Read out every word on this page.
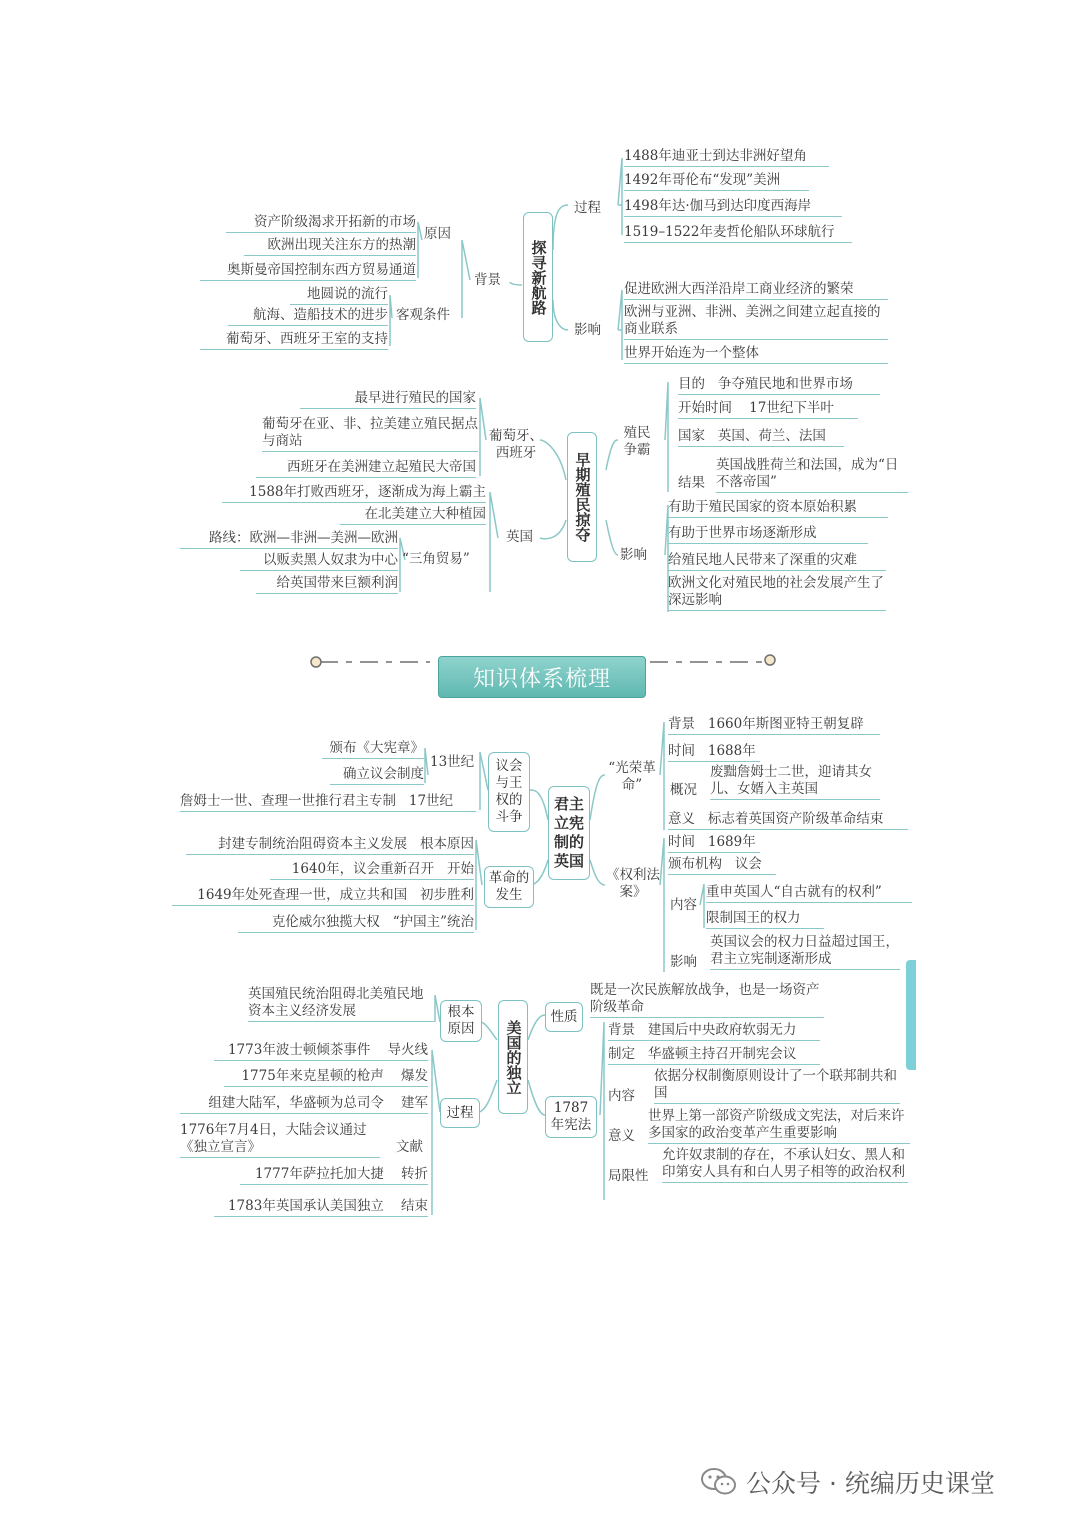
探寻新航路
过程
1488年迪亚士到达非洲好望角
1492年哥伦布“发现”美洲
1498年达·伽马到达印度西海岸
1519–1522年麦哲伦船队环球航行
背景
原因
资产阶级渴求开拓新的市场
欧洲出现关注东方的热潮
奥斯曼帝国控制东西方贸易通道
客观条件
地圆说的流行
航海、造船技术的进步
葡萄牙、西班牙王室的支持
影响
促进欧洲大西洋沿岸工商业经济的繁荣
欧洲与亚洲、非洲、美洲之间建立起直接的商业联系
世界开始连为一个整体
早期殖民掠夺
葡萄牙、西班牙
最早进行殖民的国家
葡萄牙在亚、非、拉美建立殖民据点与商站
西班牙在美洲建立起殖民大帝国
英国
1588年打败西班牙，逐渐成为海上霸主
在北美建立大种植园
“三角贸易”
路线：欧洲—非洲—美洲—欧洲
以贩卖黑人奴隶为中心
给英国带来巨额利润
殖民争霸
目的 争夺殖民地和世界市场
开始时间 17世纪下半叶
国家 英国、荷兰、法国
结果
英国战胜荷兰和法国，成为“日不落帝国”
影响
有助于殖民国家的资本原始积累
有助于世界市场逐渐形成
给殖民地人民带来了深重的灾难
欧洲文化对殖民地的社会发展产生了深远影响
知识体系梳理
君主立宪制的英国
议会与王权的斗争
13世纪
颁布《大宪章》
确立议会制度
詹姆士一世、查理一世推行君主专制 17世纪
革命的发生
封建专制统治阻碍资本主义发展 根本原因
1640年，议会重新召开 开始
1649年处死查理一世，成立共和国 初步胜利
克伦威尔独揽大权 “护国主”统治
“光荣革命”
背景 1660年斯图亚特王朝复辟
时间 1688年
概况
废黜詹姆士二世，迎请其女儿、女婿入主英国
意义 标志着英国资产阶级革命结束
《权利法案》
时间 1689年
颁布机构 议会
内容
重申英国人“自古就有的权利”
限制国王的权力
影响
英国议会的权力日益超过国王，君主立宪制逐渐形成
美国的独立
根本原因
英国殖民统治阻碍北美殖民地资本主义经济发展
过程
1773年波士顿倾茶事件 导火线
1775年来克星顿的枪声 爆发
组建大陆军，华盛顿为总司令 建军
1776年7月4日，大陆会议通过《独立宣言》	文献
1777年萨拉托加大捷 转折
1783年英国承认美国独立 结束
性质
既是一次民族解放战争，也是一场资产阶级革命
1787年宪法
背景 建国后中央政府软弱无力
制定 华盛顿主持召开制宪会议
内容
依据分权制衡原则设计了一个联邦制共和国
意义
世界上第一部资产阶级成文宪法，对后来许多国家的政治变革产生重要影响
局限性
允许奴隶制的存在，不承认妇女、黑人和印第安人具有和白人男子相等的政治权利
公众号 · 统编历史课堂
